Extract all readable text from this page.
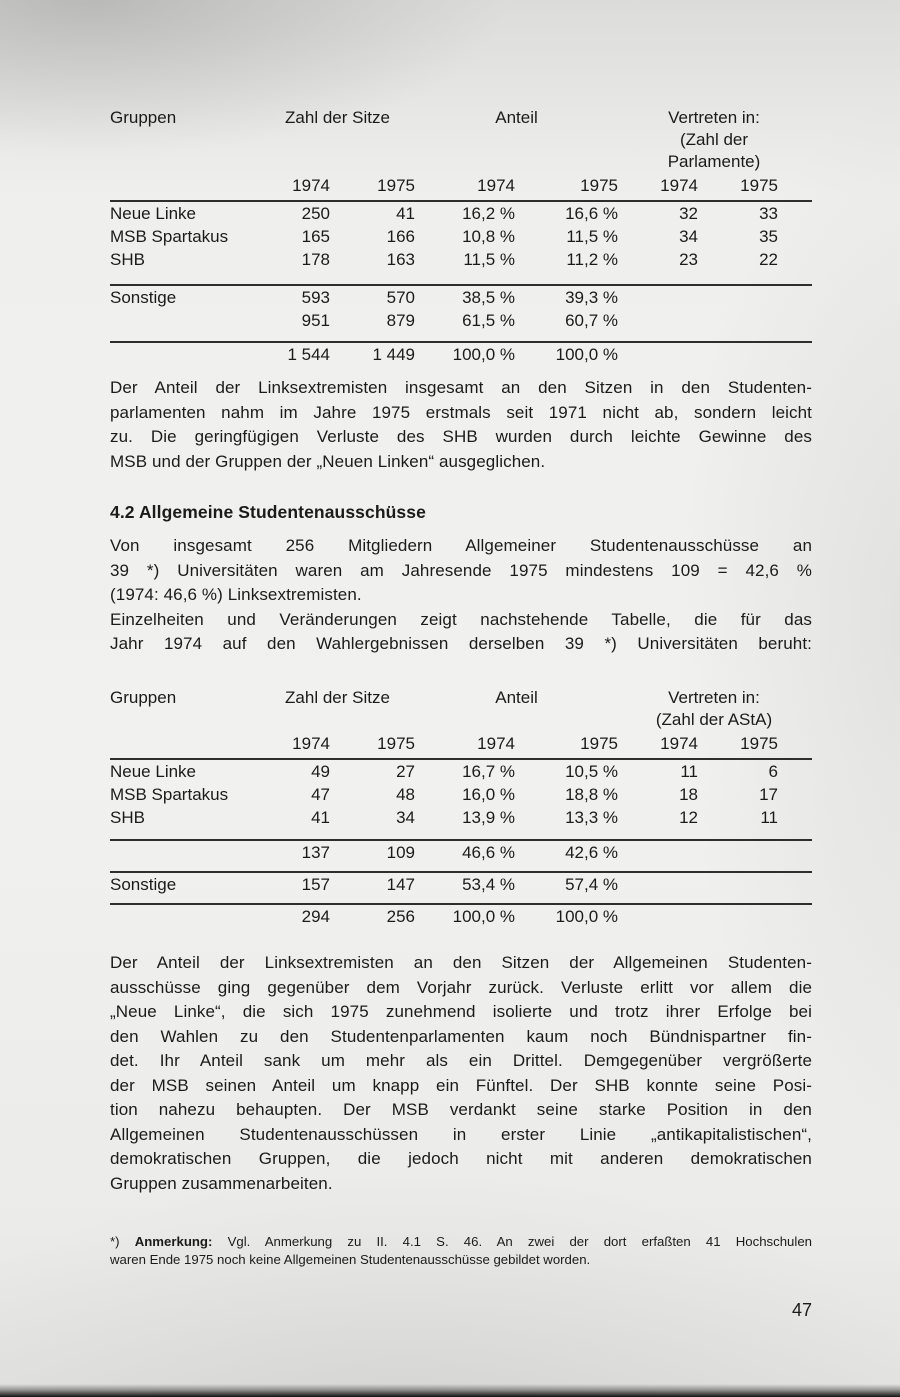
Gruppen	Zahl der Sitze	Anteil	Vertreten in:
(Zahl der
Parlamente)
1974	1975	1974	1975	1974	1975
Neue Linke	250	41	16,2 %	16,6 %	32	33
MSB Spartakus	165	166	10,8 %	11,5 %	34	35
SHB	178	163	11,5 %	11,2 %	23	22
Sonstige	593	570	38,5 %	39,3 %
951	879	61,5 %	60,7 %
1 544	1 449	100,0 %	100,0 %
Der Anteil der Linksextremisten insgesamt an den Sitzen in den Studenten-
parlamenten nahm im Jahre 1975 erstmals seit 1971 nicht ab, sondern leicht
zu. Die geringfügigen Verluste des SHB wurden durch leichte Gewinne des
MSB und der Gruppen der „Neuen Linken“ ausgeglichen.
4.2 Allgemeine Studentenausschüsse
Von insgesamt 256 Mitgliedern Allgemeiner Studentenausschüsse an
39 *) Universitäten waren am Jahresende 1975 mindestens 109 = 42,6 %
(1974: 46,6 %) Linksextremisten.
Einzelheiten und Veränderungen zeigt nachstehende Tabelle, die für das
Jahr 1974 auf den Wahlergebnissen derselben 39 *) Universitäten beruht:
Gruppen	Zahl der Sitze	Anteil	Vertreten in:
(Zahl der AStA)
1974	1975	1974	1975	1974	1975
Neue Linke	49	27	16,7 %	10,5 %	11	6
MSB Spartakus	47	48	16,0 %	18,8 %	18	17
SHB	41	34	13,9 %	13,3 %	12	11
137	109	46,6 %	42,6 %
Sonstige	157	147	53,4 %	57,4 %
294	256	100,0 %	100,0 %
Der Anteil der Linksextremisten an den Sitzen der Allgemeinen Studenten-
ausschüsse ging gegenüber dem Vorjahr zurück. Verluste erlitt vor allem die
„Neue Linke“, die sich 1975 zunehmend isolierte und trotz ihrer Erfolge bei
den Wahlen zu den Studentenparlamenten kaum noch Bündnispartner fin-
det. Ihr Anteil sank um mehr als ein Drittel. Demgegenüber vergrößerte
der MSB seinen Anteil um knapp ein Fünftel. Der SHB konnte seine Posi-
tion nahezu behaupten. Der MSB verdankt seine starke Position in den
Allgemeinen Studentenausschüssen in erster Linie „antikapitalistischen“,
demokratischen Gruppen, die jedoch nicht mit anderen demokratischen
Gruppen zusammenarbeiten.
*) Anmerkung: Vgl. Anmerkung zu II. 4.1 S. 46. An zwei der dort erfaßten 41 Hochschulen
waren Ende 1975 noch keine Allgemeinen Studentenausschüsse gebildet worden.
47
